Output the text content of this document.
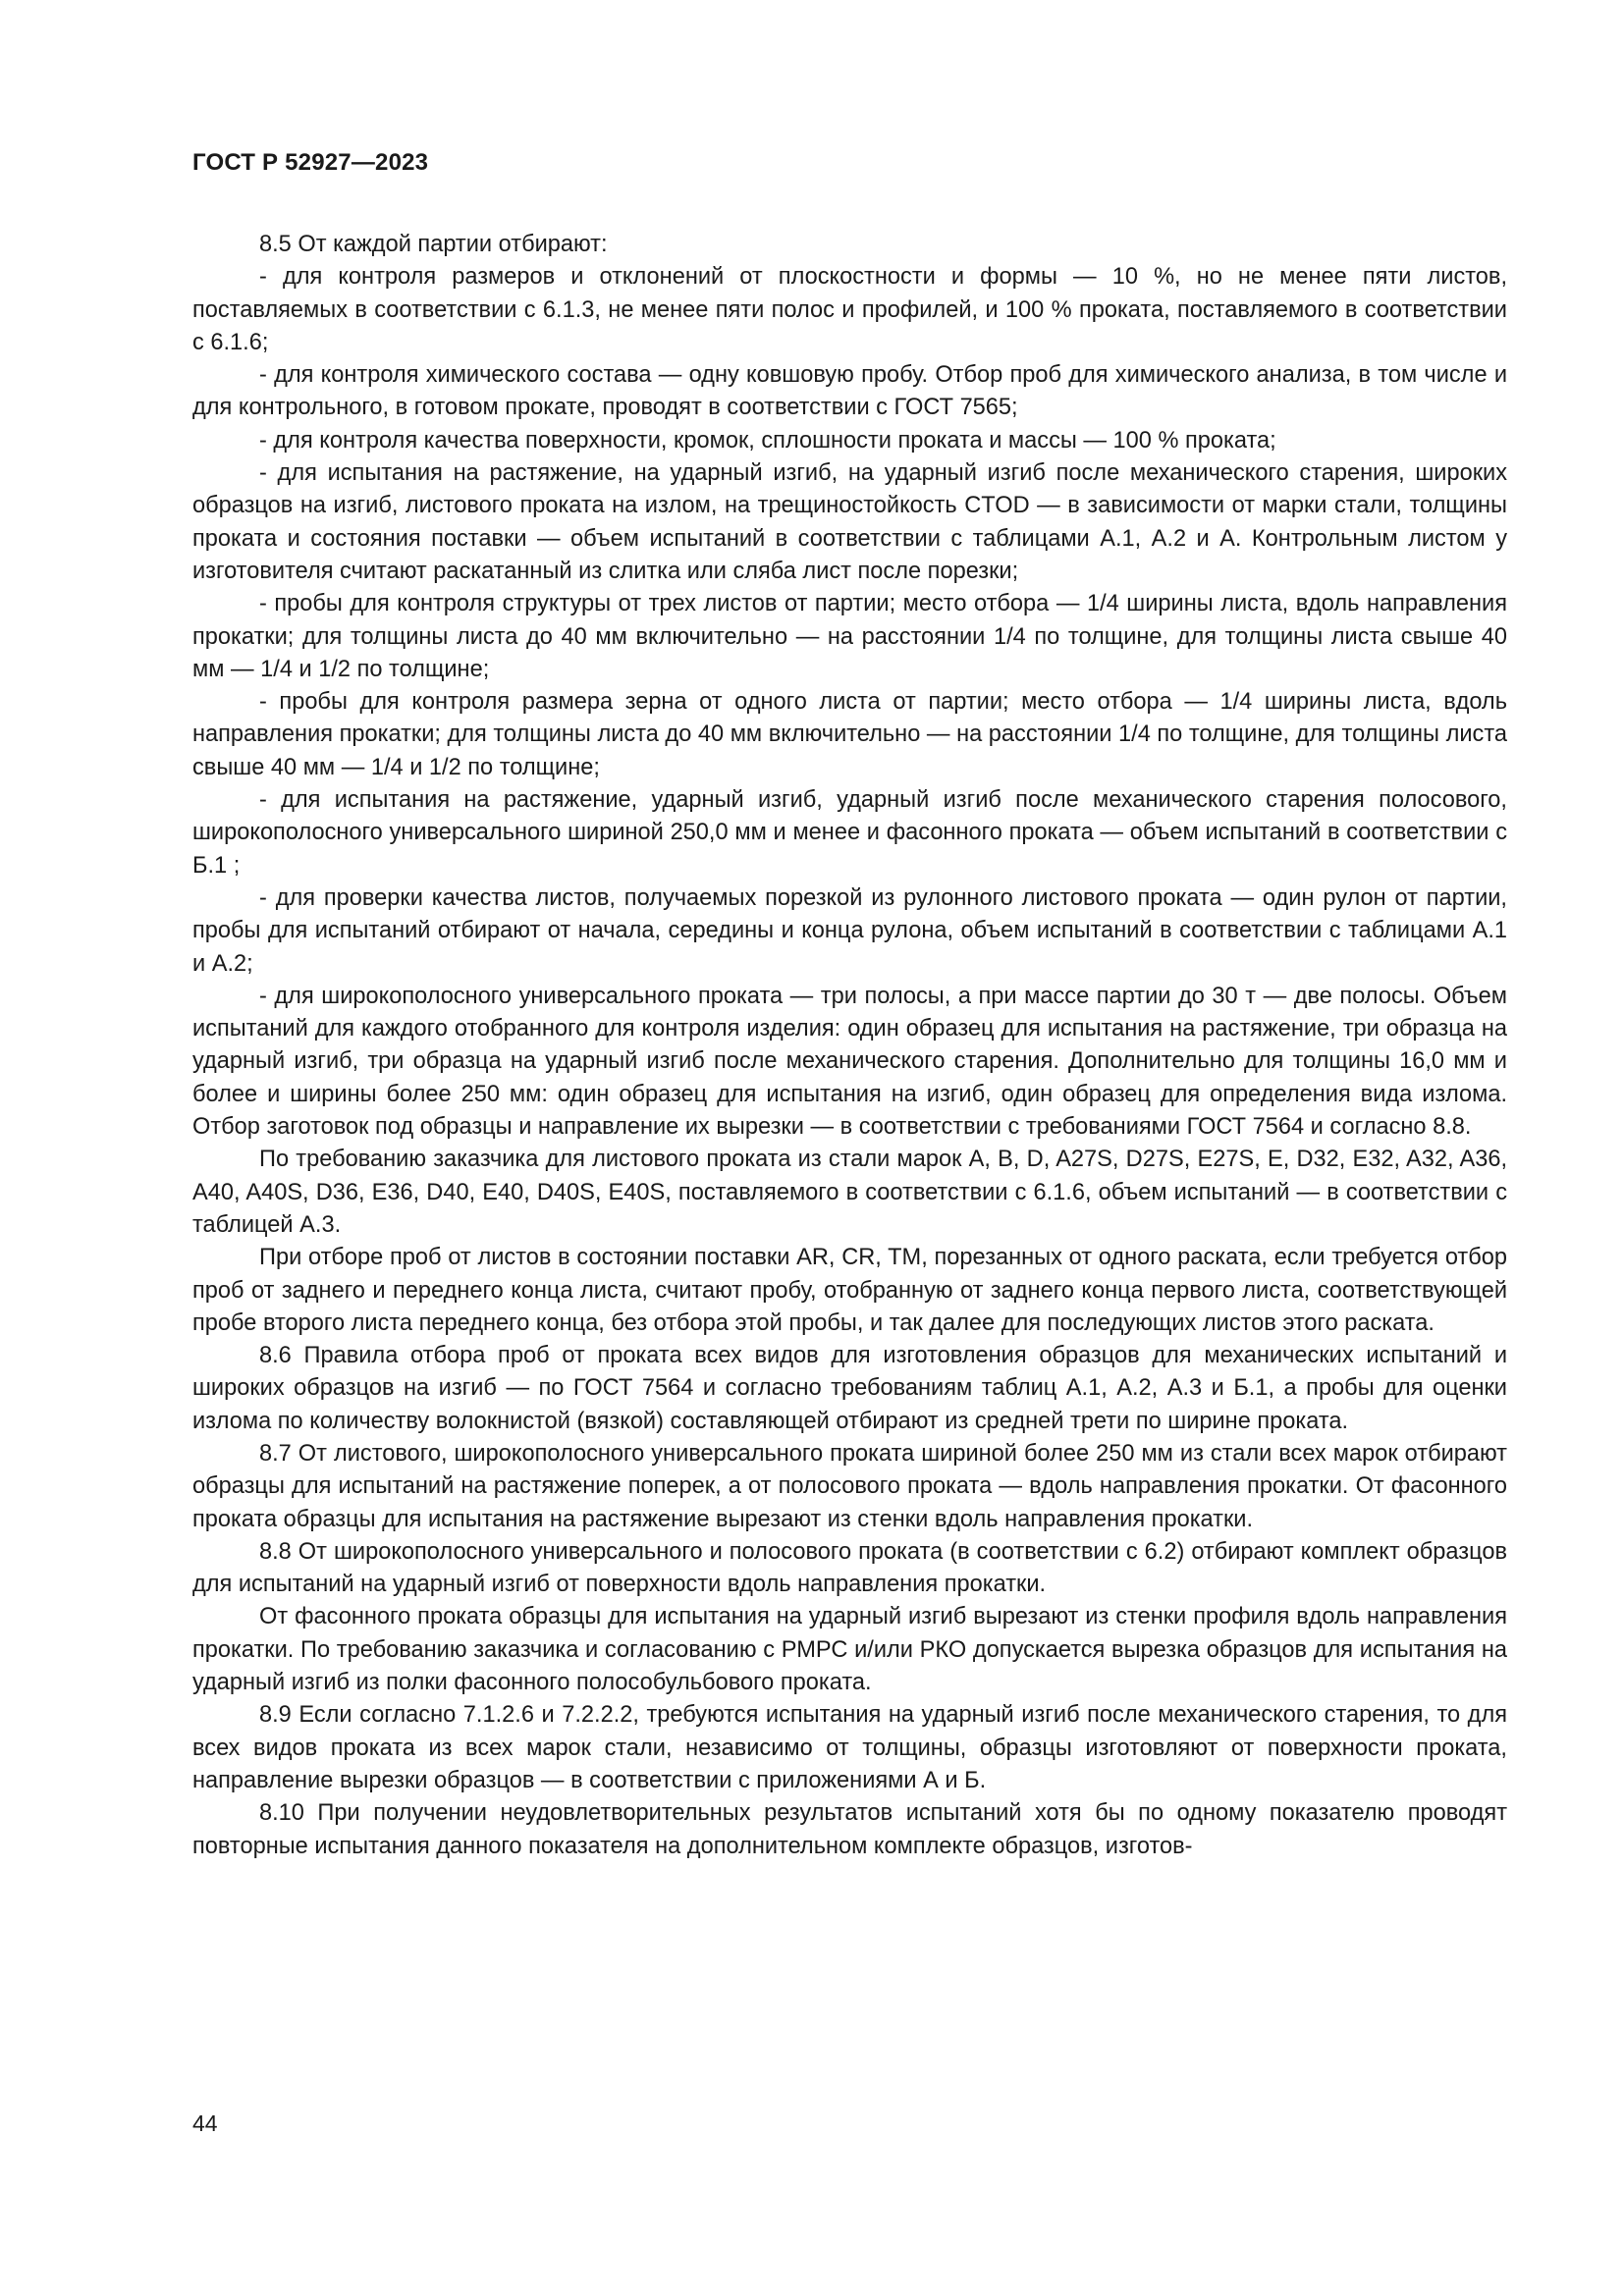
ГОСТ Р 52927—2023

8.5 От каждой партии отбирают:

- для контроля размеров и отклонений от плоскостности и формы — 10 %, но не менее пяти листов, поставляемых в соответствии с 6.1.3, не менее пяти полос и профилей, и 100 % проката, поставляемого в соответствии с 6.1.6;

- для контроля химического состава — одну ковшовую пробу. Отбор проб для химического анализа, в том числе и для контрольного, в готовом прокате, проводят в соответствии с ГОСТ 7565;

- для контроля качества поверхности, кромок, сплошности проката и массы — 100 % проката;

- для испытания на растяжение, на ударный изгиб, на ударный изгиб после механического старения, широких образцов на изгиб, листового проката на излом, на трещиностойкость CTOD — в зависимости от марки стали, толщины проката и состояния поставки — объем испытаний в соответствии с таблицами А.1, А.2 и А. Контрольным листом у изготовителя считают раскатанный из слитка или сляба лист после порезки;

- пробы для контроля структуры от трех листов от партии; место отбора — 1/4 ширины листа, вдоль направления прокатки; для толщины листа до 40 мм включительно — на расстоянии 1/4 по толщине, для толщины листа свыше 40 мм — 1/4 и 1/2 по толщине;

- пробы для контроля размера зерна от одного листа от партии; место отбора — 1/4 ширины листа, вдоль направления прокатки; для толщины листа до 40 мм включительно — на расстоянии 1/4 по толщине, для толщины листа свыше 40 мм — 1/4 и 1/2 по толщине;

- для испытания на растяжение, ударный изгиб, ударный изгиб после механического старения полосового, широкополосного универсального шириной 250,0 мм и менее и фасонного проката — объем испытаний в соответствии с Б.1 ;

- для проверки качества листов, получаемых порезкой из рулонного листового проката — один рулон от партии, пробы для испытаний отбирают от начала, середины и конца рулона, объем испытаний в соответствии с таблицами А.1 и А.2;

- для широкополосного универсального проката — три полосы, а при массе партии до 30 т — две полосы. Объем испытаний для каждого отобранного для контроля изделия: один образец для испытания на растяжение, три образца на ударный изгиб, три образца на ударный изгиб после механического старения. Дополнительно для толщины 16,0 мм и более и ширины более 250 мм: один образец для испытания на изгиб, один образец для определения вида излома. Отбор заготовок под образцы и направление их вырезки — в соответствии с требованиями ГОСТ 7564 и согласно 8.8.

По требованию заказчика для листового проката из стали марок A, B, D, A27S, D27S, E27S, E, D32, E32, A32, A36, A40, A40S, D36, E36, D40, E40, D40S, E40S, поставляемого в соответствии с 6.1.6, объем испытаний — в соответствии с таблицей А.3.

При отборе проб от листов в состоянии поставки AR, CR, TM, порезанных от одного раската, если требуется отбор проб от заднего и переднего конца листа, считают пробу, отобранную от заднего конца первого листа, соответствующей пробе второго листа переднего конца, без отбора этой пробы, и так далее для последующих листов этого раската.

8.6 Правила отбора проб от проката всех видов для изготовления образцов для механических испытаний и широких образцов на изгиб — по ГОСТ 7564 и согласно требованиям таблиц А.1, А.2, А.3 и Б.1, а пробы для оценки излома по количеству волокнистой (вязкой) составляющей отбирают из средней трети по ширине проката.

8.7 От листового, широкополосного универсального проката шириной более 250 мм из стали всех марок отбирают образцы для испытаний на растяжение поперек, а от полосового проката — вдоль направления прокатки. От фасонного проката образцы для испытания на растяжение вырезают из стенки вдоль направления прокатки.

8.8 От широкополосного универсального и полосового проката (в соответствии с 6.2) отбирают комплект образцов для испытаний на ударный изгиб от поверхности вдоль направления прокатки.

От фасонного проката образцы для испытания на ударный изгиб вырезают из стенки профиля вдоль направления прокатки. По требованию заказчика и согласованию с РМРС и/или РКО допускается вырезка образцов для испытания на ударный изгиб из полки фасонного полособульбового проката.

8.9 Если согласно 7.1.2.6 и 7.2.2.2, требуются испытания на ударный изгиб после механического старения, то для всех видов проката из всех марок стали, независимо от толщины, образцы изготовляют от поверхности проката, направление вырезки образцов — в соответствии с приложениями А и Б.

8.10 При получении неудовлетворительных результатов испытаний хотя бы по одному показателю проводят повторные испытания данного показателя на дополнительном комплекте образцов, изготов-

44
